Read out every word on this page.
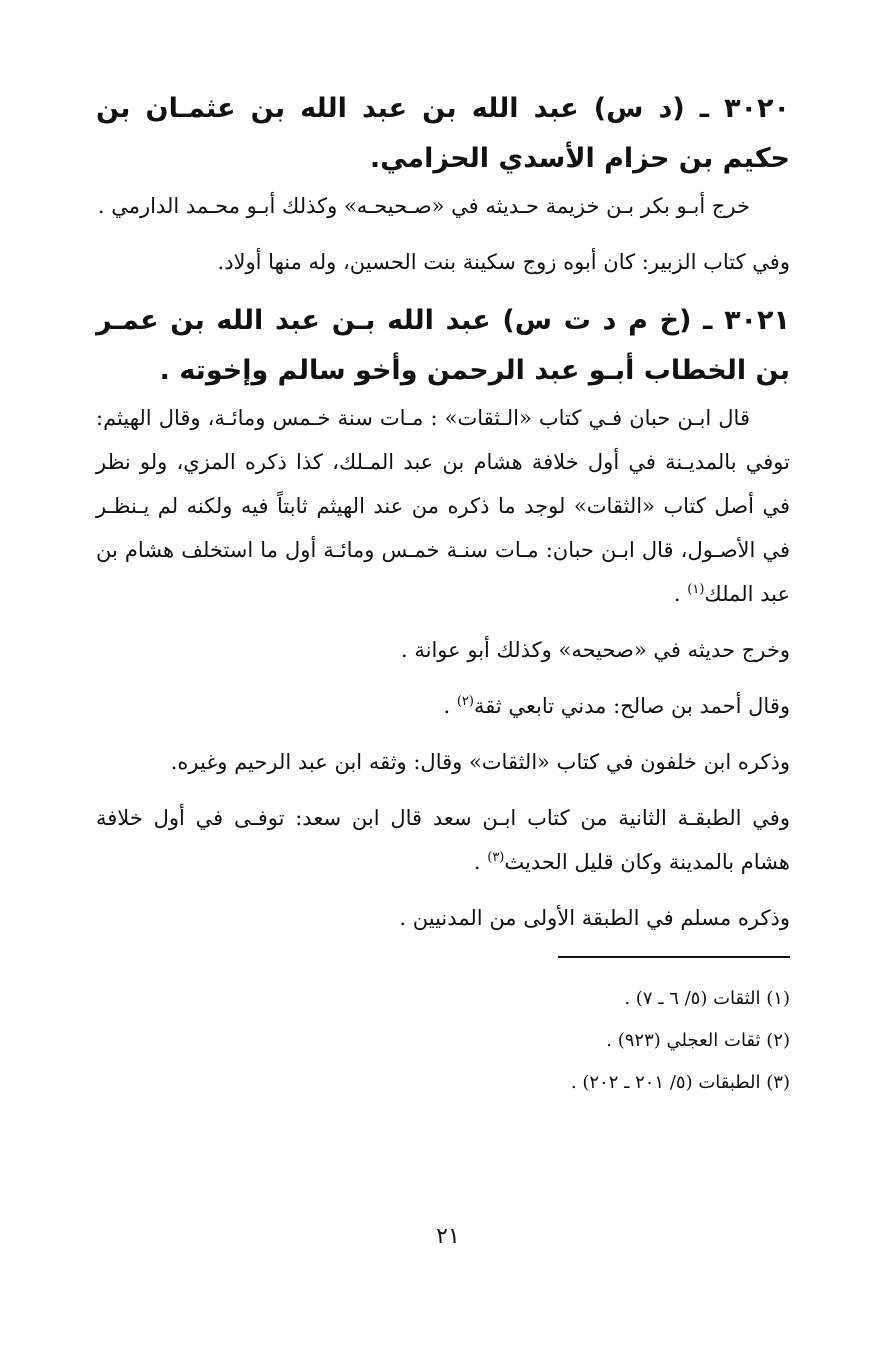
٣٠٢٠ ـ (د س) عبد الله بن عبد الله بن عثمـان بن حكيم بن حزام الأسدي الحزامي.

خرج أبـو بكر بـن خزيمة حـديثه في «صـحيحـه» وكذلك أبـو محـمد الدارمي .

وفي كتاب الزبير: كان أبوه زوج سكينة بنت الحسين، وله منها أولاد.

٣٠٢١ ـ (خ م د ت س) عبد الله بـن عبد الله بن عمـر بن الخطاب أبـو عبد الرحمن وأخو سالم وإخوته .

قال ابـن حبان فـي كتاب «الـثقات» : مـات سنة خـمس ومائـة، وقال الهيثم: توفي بالمديـنة في أول خلافة هشام بن عبد المـلك، كذا ذكره المزي، ولو نظر في أصل كتاب «الثقات» لوجد ما ذكره من عند الهيثم ثابتاً فيه ولكنه لم يـنظـر في الأصـول، قال ابـن حبان: مـات سنـة خمـس ومائـة أول ما استخلف هشام بن عبد الملك$^{(١)}$ .

وخرج حديثه في «صحيحه» وكذلك أبو عوانة .

وقال أحمد بن صالح: مدني تابعي ثقة$^{(٢)}$ .

وذكره ابن خلفون في كتاب «الثقات» وقال: وثقه ابن عبد الرحيم وغيره.

وفي الطبقـة الثانية من كتاب ابـن سعد قال ابن سعد: توفـى في أول خلافة هشام بالمدينة وكان قليل الحديث$^{(٣)}$ .

وذكره مسلم في الطبقة الأولى من المدنيين .

(١) الثقات (٥/ ٦ ـ ٧) .

(٢) ثقات العجلي (٩٢٣) .

(٣) الطبقات (٥/ ٢٠١ ـ ٢٠٢) .

٢١
